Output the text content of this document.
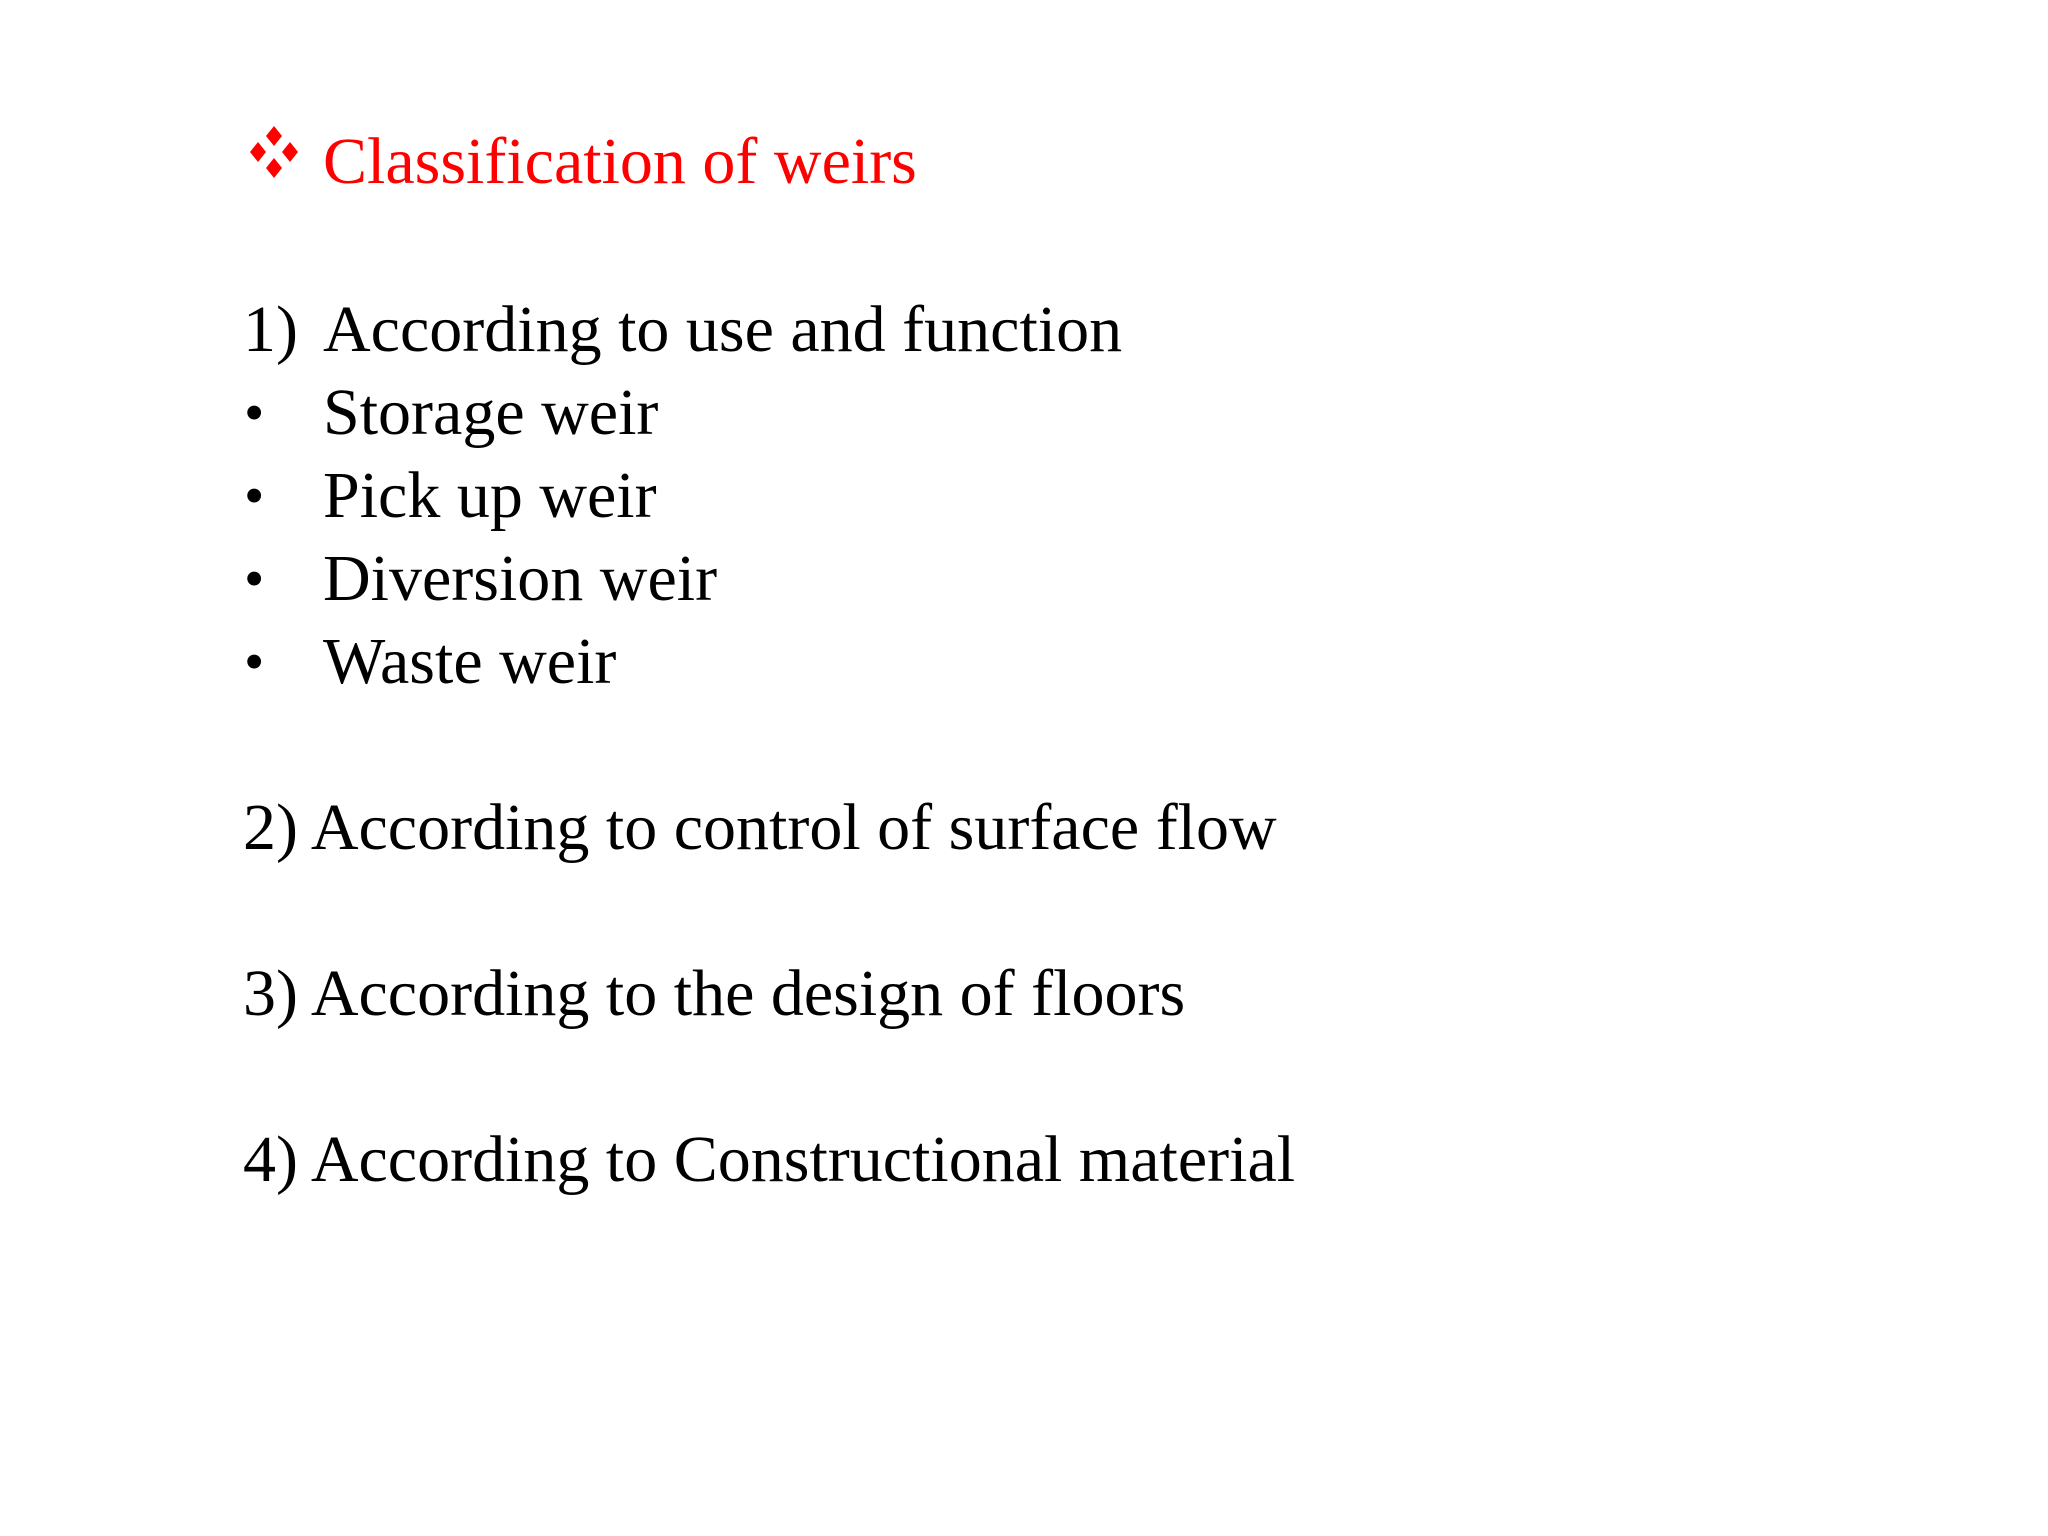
Classification of weirs
1) According to use and function
• Storage weir
• Pick up weir
• Diversion weir
• Waste weir
2) According to control of surface flow
3) According to the design of floors
4) According to Constructional material
